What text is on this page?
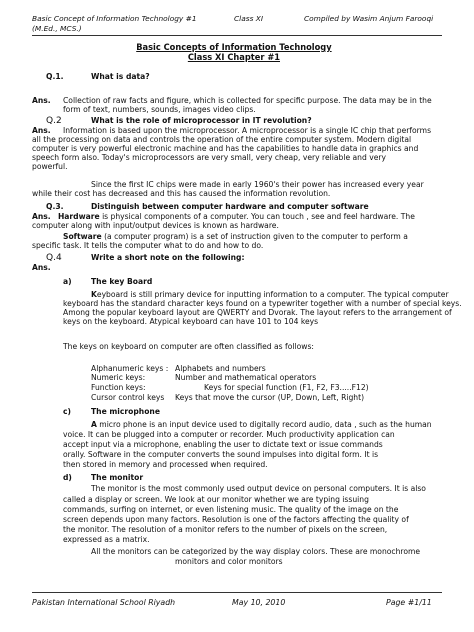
Basic Concept of Information Technology #1	Class XI	Compiled by Wasim Anjum Farooqi
(M.Ed., MCS.)
Basic Concepts of Information Technology
Class XI Chapter #1
Q.1.	What is data?
Ans. Collection of raw facts and figure, which is collected for specific purpose. The data may be in the
form of text, numbers, sounds, images video clips.
Q.2	What is the role of microprocessor in IT revolution?
Ans. Information is based upon the microprocessor. A microprocessor is a single IC chip that performs
all the processing on data and controls the operation of the entire computer system. Modern digital
computer is very powerful electronic machine and has the capabilities to handle data in graphics and
speech form also. Today's microprocessors are very small, very cheap, very reliable and very
powerful.
Since the first IC chips were made in early 1960's their power has increased every year
while their cost has decreased and this has caused the information revolution.
Q.3.	Distinguish between computer hardware and computer software
Ans. Hardware is physical components of a computer. You can touch , see and feel hardware. The
computer along with input/output devices is known as hardware.
Software (a computer program) is a set of instruction given to the computer to perform a
specific task. It tells the computer what to do and how to do.
Q.4	Write a short note on the following:
Ans.
a)	The key Board
Keyboard is still primary device for inputting information to a computer. The typical computer
keyboard has the standard character keys found on a typewriter together with a number of special keys.
Among the popular keyboard layout are QWERTY and Dvorak. The layout refers to the arrangement of
keys on the keyboard. Atypical keyboard can have 101 to 104 keys
The keys on keyboard on computer are often classified as follows:
Alphanumeric keys : Alphabets and numbers
Numeric keys:	Number and mathematical operators
Function keys:	Keys for special function (F1, F2, F3.....F12)
Cursor control keys Keys that move the cursor (UP, Down, Left, Right)
c)	The microphone
A micro phone is an input device used to digitally record audio, data , such as the human
voice. It can be plugged into a computer or recorder. Much productivity application can
accept input via a microphone, enabling the user to dictate text or issue commands
orally. Software in the computer converts the sound impulses into digital form. It is
then stored in memory and processed when required.
d)	The monitor
The monitor is the most commonly used output device on personal computers. It is also
called a display or screen. We look at our monitor whether we are typing issuing
commands, surfing on internet, or even listening music. The quality of the image on the
screen depends upon many factors. Resolution is one of the factors affecting the quality of
the monitor. The resolution of a monitor refers to the number of pixels on the screen,
expressed as a matrix.
All the monitors can be categorized by the way display colors. These are monochrome
monitors and color monitors
Pakistan International School Riyadh	May 10, 2010	Page #1/11
